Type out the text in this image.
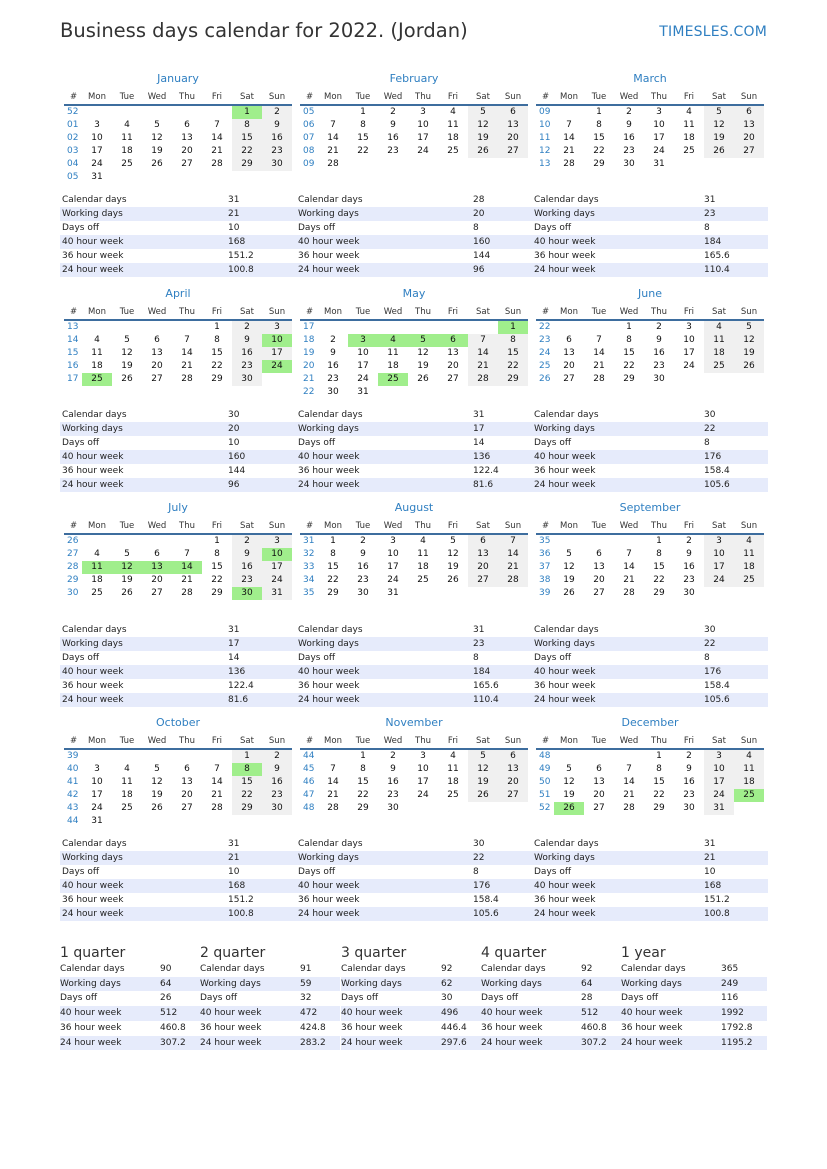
Business days calendar for 2022. (Jordan)	TIMESLES.COM
January
#	Mon	Tue	Wed	Thu	Fri	Sat	Sun
52						1	2
01	3	4	5	6	7	8	9
02	10	11	12	13	14	15	16
03	17	18	19	20	21	22	23
04	24	25	26	27	28	29	30
05	31						
Calendar days	31
Working days	21
Days off	10
40 hour week	168
36 hour week	151.2
24 hour week	100.8
February
#	Mon	Tue	Wed	Thu	Fri	Sat	Sun
05		1	2	3	4	5	6
06	7	8	9	10	11	12	13
07	14	15	16	17	18	19	20
08	21	22	23	24	25	26	27
09	28						
Calendar days	28
Working days	20
Days off	8
40 hour week	160
36 hour week	144
24 hour week	96
March
#	Mon	Tue	Wed	Thu	Fri	Sat	Sun
09		1	2	3	4	5	6
10	7	8	9	10	11	12	13
11	14	15	16	17	18	19	20
12	21	22	23	24	25	26	27
13	28	29	30	31			
Calendar days	31
Working days	23
Days off	8
40 hour week	184
36 hour week	165.6
24 hour week	110.4
April
#	Mon	Tue	Wed	Thu	Fri	Sat	Sun
13					1	2	3
14	4	5	6	7	8	9	10
15	11	12	13	14	15	16	17
16	18	19	20	21	22	23	24
17	25	26	27	28	29	30	
Calendar days	30
Working days	20
Days off	10
40 hour week	160
36 hour week	144
24 hour week	96
May
#	Mon	Tue	Wed	Thu	Fri	Sat	Sun
17							1
18	2	3	4	5	6	7	8
19	9	10	11	12	13	14	15
20	16	17	18	19	20	21	22
21	23	24	25	26	27	28	29
22	30	31					
Calendar days	31
Working days	17
Days off	14
40 hour week	136
36 hour week	122.4
24 hour week	81.6
June
#	Mon	Tue	Wed	Thu	Fri	Sat	Sun
22			1	2	3	4	5
23	6	7	8	9	10	11	12
24	13	14	15	16	17	18	19
25	20	21	22	23	24	25	26
26	27	28	29	30			
Calendar days	30
Working days	22
Days off	8
40 hour week	176
36 hour week	158.4
24 hour week	105.6
July
#	Mon	Tue	Wed	Thu	Fri	Sat	Sun
26					1	2	3
27	4	5	6	7	8	9	10
28	11	12	13	14	15	16	17
29	18	19	20	21	22	23	24
30	25	26	27	28	29	30	31
Calendar days	31
Working days	17
Days off	14
40 hour week	136
36 hour week	122.4
24 hour week	81.6
August
#	Mon	Tue	Wed	Thu	Fri	Sat	Sun
31	1	2	3	4	5	6	7
32	8	9	10	11	12	13	14
33	15	16	17	18	19	20	21
34	22	23	24	25	26	27	28
35	29	30	31				
Calendar days	31
Working days	23
Days off	8
40 hour week	184
36 hour week	165.6
24 hour week	110.4
September
#	Mon	Tue	Wed	Thu	Fri	Sat	Sun
35				1	2	3	4
36	5	6	7	8	9	10	11
37	12	13	14	15	16	17	18
38	19	20	21	22	23	24	25
39	26	27	28	29	30		
Calendar days	30
Working days	22
Days off	8
40 hour week	176
36 hour week	158.4
24 hour week	105.6
October
#	Mon	Tue	Wed	Thu	Fri	Sat	Sun
39						1	2
40	3	4	5	6	7	8	9
41	10	11	12	13	14	15	16
42	17	18	19	20	21	22	23
43	24	25	26	27	28	29	30
44	31						
Calendar days	31
Working days	21
Days off	10
40 hour week	168
36 hour week	151.2
24 hour week	100.8
November
#	Mon	Tue	Wed	Thu	Fri	Sat	Sun
44		1	2	3	4	5	6
45	7	8	9	10	11	12	13
46	14	15	16	17	18	19	20
47	21	22	23	24	25	26	27
48	28	29	30				
Calendar days	30
Working days	22
Days off	8
40 hour week	176
36 hour week	158.4
24 hour week	105.6
December
#	Mon	Tue	Wed	Thu	Fri	Sat	Sun
48				1	2	3	4
49	5	6	7	8	9	10	11
50	12	13	14	15	16	17	18
51	19	20	21	22	23	24	25
52	26	27	28	29	30	31	
Calendar days	31
Working days	21
Days off	10
40 hour week	168
36 hour week	151.2
24 hour week	100.8
1 quarter
Calendar days	90
Working days	64
Days off	26
40 hour week	512
36 hour week	460.8
24 hour week	307.2
2 quarter
Calendar days	91
Working days	59
Days off	32
40 hour week	472
36 hour week	424.8
24 hour week	283.2
3 quarter
Calendar days	92
Working days	62
Days off	30
40 hour week	496
36 hour week	446.4
24 hour week	297.6
4 quarter
Calendar days	92
Working days	64
Days off	28
40 hour week	512
36 hour week	460.8
24 hour week	307.2
1 year
Calendar days	365
Working days	249
Days off	116
40 hour week	1992
36 hour week	1792.8
24 hour week	1195.2
